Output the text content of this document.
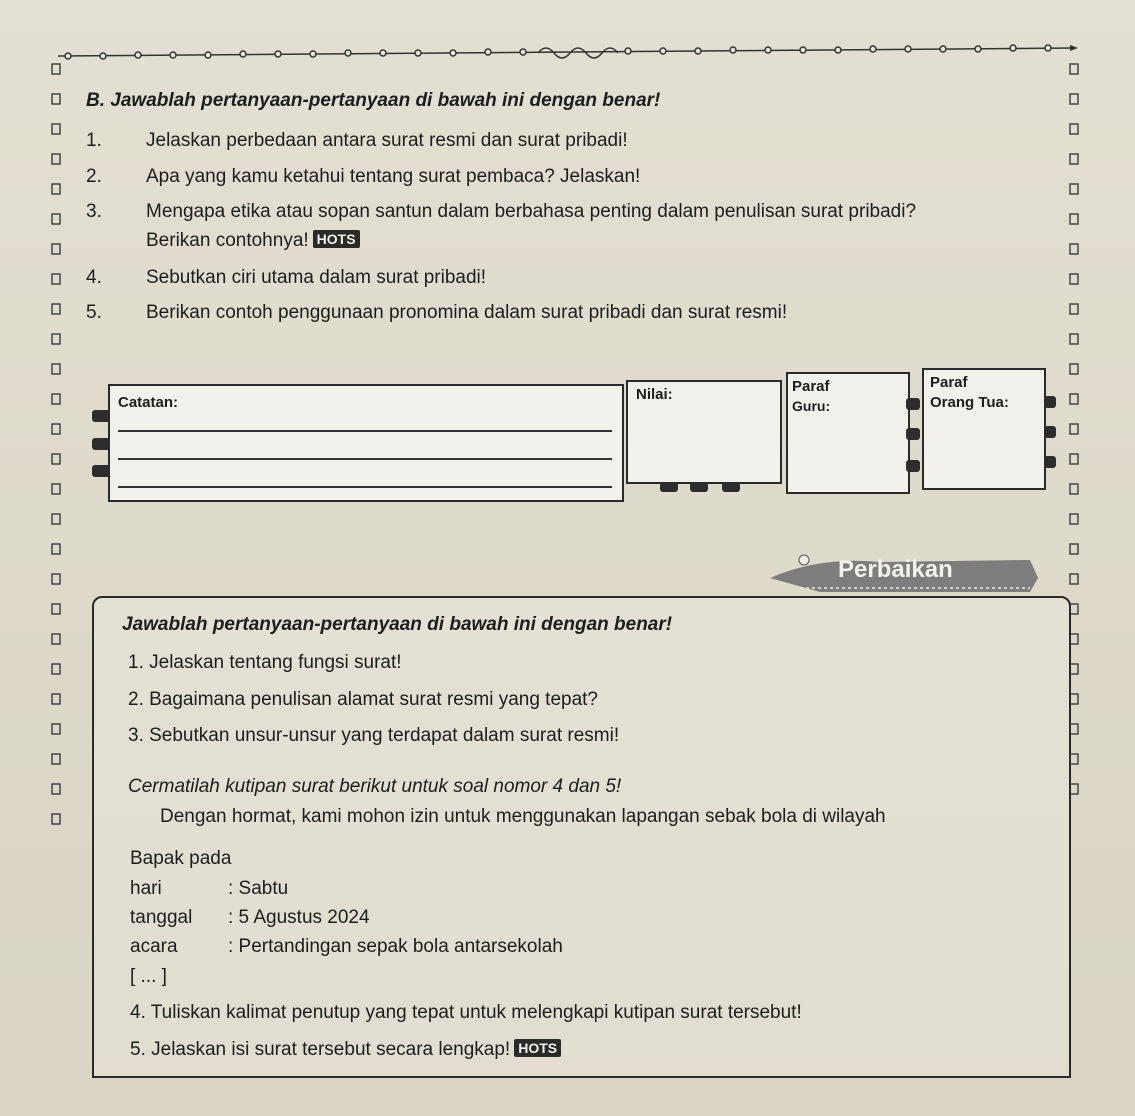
B. Jawablah pertanyaan-pertanyaan di bawah ini dengan benar!
1. Jelaskan perbedaan antara surat resmi dan surat pribadi!
2. Apa yang kamu ketahui tentang surat pembaca? Jelaskan!
3. Mengapa etika atau sopan santun dalam berbahasa penting dalam penulisan surat pribadi?
Berikan contohnya! HOTS
4. Sebutkan ciri utama dalam surat pribadi!
5. Berikan contoh penggunaan pronomina dalam surat pribadi dan surat resmi!
Catatan:	Nilai:	Paraf
Guru:
Paraf
Orang Tua:
Perbaikan
Jawablah pertanyaan-pertanyaan di bawah ini dengan benar!
1. Jelaskan tentang fungsi surat!
2. Bagaimana penulisan alamat surat resmi yang tepat?
3. Sebutkan unsur-unsur yang terdapat dalam surat resmi!
Cermatilah kutipan surat berikut untuk soal nomor 4 dan 5!
Dengan hormat, kami mohon izin untuk menggunakan lapangan sebak bola di wilayah
Bapak pada
hari	: Sabtu
tanggal : 5 Agustus 2024
acara	: Pertandingan sepak bola antarsekolah
[ ... ]
4. Tuliskan kalimat penutup yang tepat untuk melengkapi kutipan surat tersebut!
5. Jelaskan isi surat tersebut secara lengkap! HOTS
